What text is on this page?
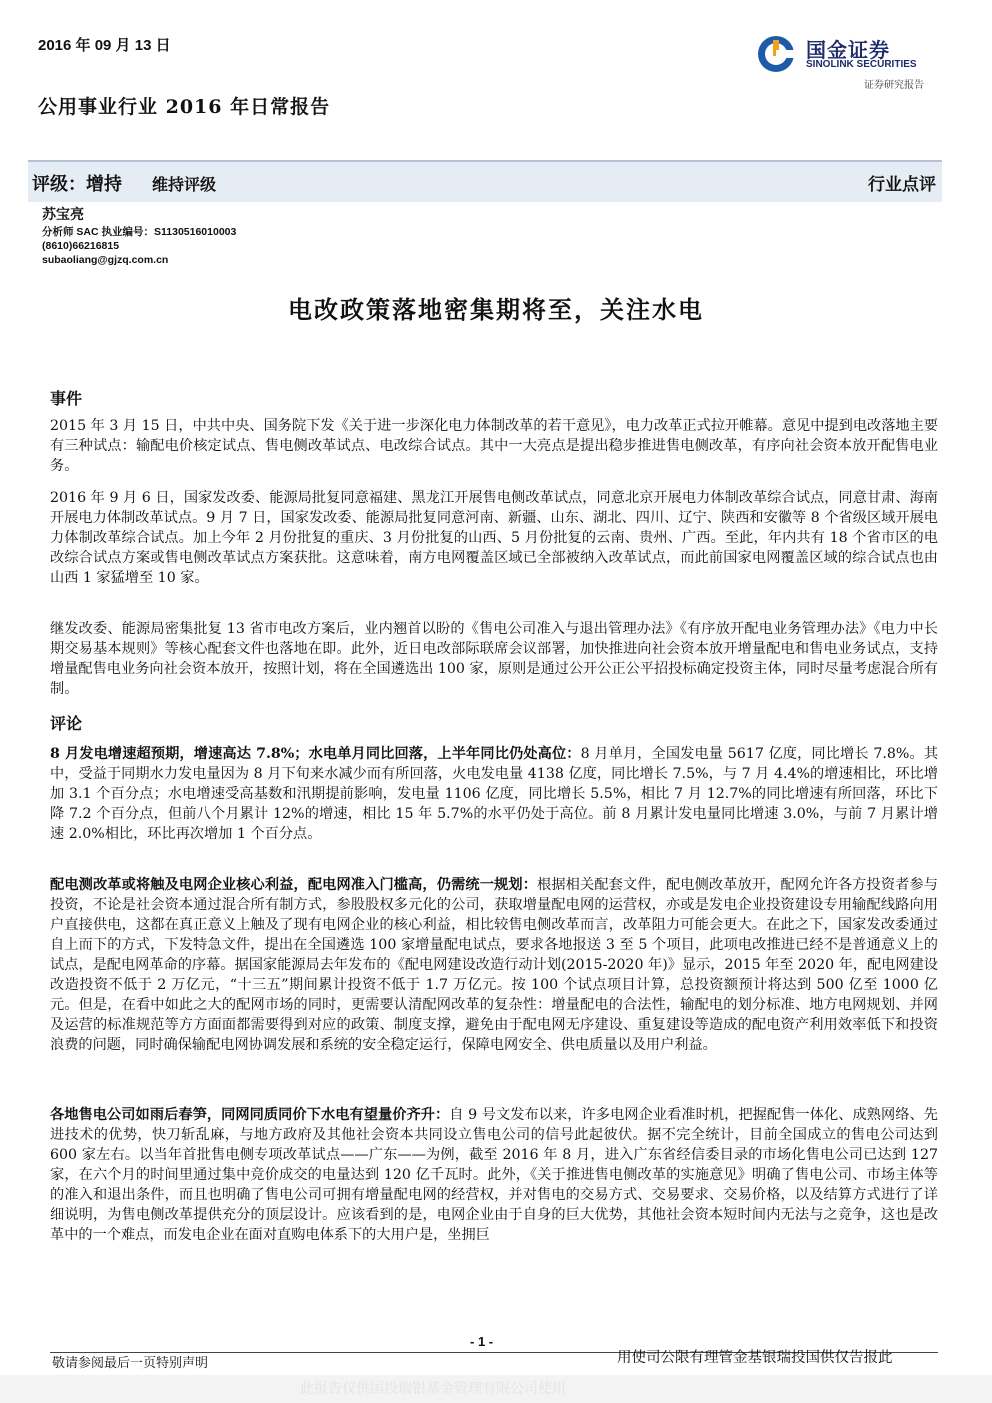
2016 年 09 月 13 日	国金证券
SINOLINK SECURITIES
证券研究报告
公用事业行业 2016 年日常报告
评级：增持 维持评级	行业点评
苏宝亮
分析师 SAC 执业编号：S1130516010003
(8610)66216815
subaoliang@gjzq.com.cn
电改政策落地密集期将至，关注水电
事件
2015 年 3 月 15 日，中共中央、国务院下发《关于进一步深化电力体制改革的若干意见》，电力改革正式拉开帷幕。意见中提到电改落地主要有三种试点：输配电价核定试点、售电侧改革试点、电改综合试点。其中一大亮点是提出稳步推进售电侧改革，有序向社会资本放开配售电业务。
2016 年 9 月 6 日，国家发改委、能源局批复同意福建、黑龙江开展售电侧改革试点，同意北京开展电力体制改革综合试点，同意甘肃、海南开展电力体制改革试点。9 月 7 日，国家发改委、能源局批复同意河南、新疆、山东、湖北、四川、辽宁、陕西和安徽等 8 个省级区域开展电力体制改革综合试点。加上今年 2 月份批复的重庆、3 月份批复的山西、5 月份批复的云南、贵州、广西。至此，年内共有 18 个省市区的电改综合试点方案或售电侧改革试点方案获批。这意味着，南方电网覆盖区域已全部被纳入改革试点，而此前国家电网覆盖区域的综合试点也由山西 1 家猛增至 10 家。
继发改委、能源局密集批复 13 省市电改方案后，业内翘首以盼的《售电公司准入与退出管理办法》《有序放开配电业务管理办法》《电力中长期交易基本规则》等核心配套文件也落地在即。此外，近日电改部际联席会议部署，加快推进向社会资本放开增量配电和售电业务试点，支持增量配售电业务向社会资本放开，按照计划，将在全国遴选出 100 家，原则是通过公开公正公平招投标确定投资主体，同时尽量考虑混合所有制。
评论
8 月发电增速超预期，增速高达 7.8%；水电单月同比回落，上半年同比仍处高位：8 月单月，全国发电量 5617 亿度，同比增长 7.8%。其中，受益于同期水力发电量因为 8 月下旬来水减少而有所回落，火电发电量 4138 亿度，同比增长 7.5%，与 7 月 4.4%的增速相比，环比增加 3.1 个百分点；水电增速受高基数和汛期提前影响，发电量 1106 亿度，同比增长 5.5%，相比 7 月 12.7%的同比增速有所回落，环比下降 7.2 个百分点，但前八个月累计 12%的增速，相比 15 年 5.7%的水平仍处于高位。前 8 月累计发电量同比增速 3.0%，与前 7 月累计增速 2.0%相比，环比再次增加 1 个百分点。
配电测改革或将触及电网企业核心利益，配电网准入门槛高，仍需统一规划：根据相关配套文件，配电侧改革放开，配网允许各方投资者参与投资，不论是社会资本通过混合所有制方式，参股股权多元化的公司，获取增量配电网的运营权，亦或是发电企业投资建设专用输配线路向用户直接供电，这都在真正意义上触及了现有电网企业的核心利益，相比较售电侧改革而言，改革阻力可能会更大。在此之下，国家发改委通过自上而下的方式，下发特急文件，提出在全国遴选 100 家增量配电试点，要求各地报送 3 至 5 个项目，此项电改推进已经不是普通意义上的试点，是配电网革命的序幕。据国家能源局去年发布的《配电网建设改造行动计划(2015-2020 年)》显示，2015 年至 2020 年，配电网建设改造投资不低于 2 万亿元，“十三五”期间累计投资不低于 1.7 万亿元。按 100 个试点项目计算，总投资额预计将达到 500 亿至 1000 亿元。但是，在看中如此之大的配网市场的同时，更需要认清配网改革的复杂性：增量配电的合法性，输配电的划分标准、地方电网规划、并网及运营的标准规范等方方面面都需要得到对应的政策、制度支撑，避免由于配电网无序建设、重复建设等造成的配电资产利用效率低下和投资浪费的问题，同时确保输配电网协调发展和系统的安全稳定运行，保障电网安全、供电质量以及用户利益。
各地售电公司如雨后春笋，同网同质同价下水电有望量价齐升：自 9 号文发布以来，许多电网企业看准时机，把握配售一体化、成熟网络、先进技术的优势，快刀斩乱麻，与地方政府及其他社会资本共同设立售电公司的信号此起彼伏。据不完全统计，目前全国成立的售电公司达到 600 家左右。以当年首批售电侧专项改革试点——广东——为例，截至 2016 年 8 月，进入广东省经信委目录的市场化售电公司已达到 127 家，在六个月的时间里通过集中竞价成交的电量达到 120 亿千瓦时。此外，《关于推进售电侧改革的实施意见》明确了售电公司、市场主体等的准入和退出条件，而且也明确了售电公司可拥有增量配电网的经营权，并对售电的交易方式、交易要求、交易价格，以及结算方式进行了详细说明，为售电侧改革提供充分的顶层设计。应该看到的是，电网企业由于自身的巨大优势，其他社会资本短时间内无法与之竞争，这也是改革中的一个难点，而发电企业在面对直购电体系下的大用户是，坐拥巨
- 1 -
敬请参阅最后一页特别声明	用使司公限有理管金基银瑞投国供仅告报此
此报告仅供国投瑞银基金管理有限公司使用
